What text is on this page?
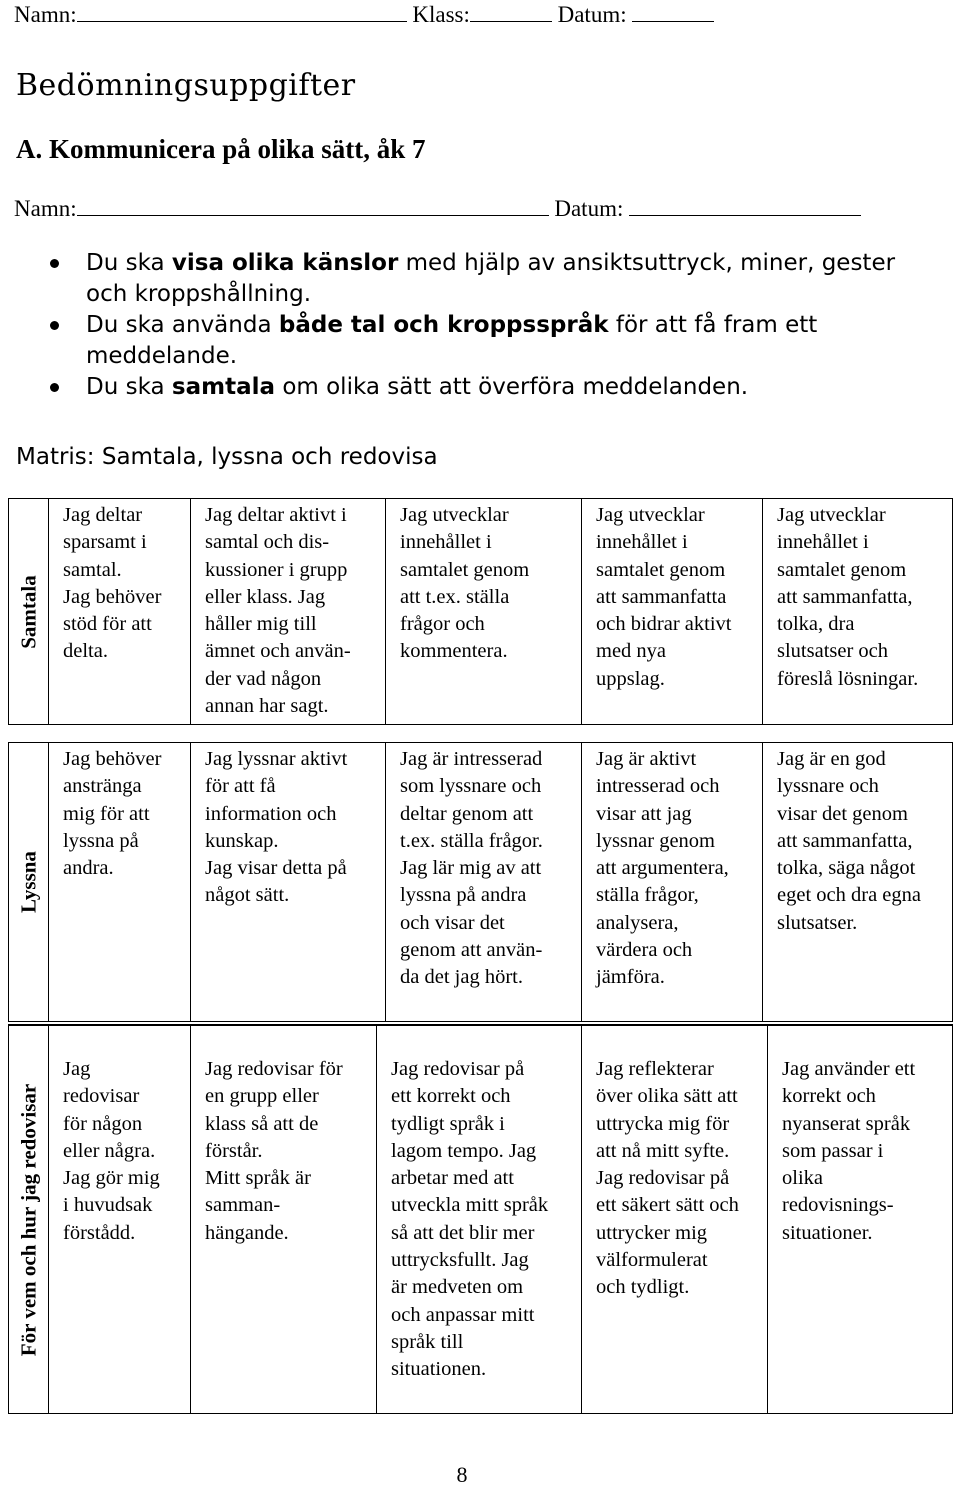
Namn:	Klass:	Datum:
Bedömningsuppgifter
A. Kommunicera på olika sätt, åk 7
Namn:	Datum:
Du ska visa olika känslor med hjälp av ansiktsuttryck, miner, gester och kroppshållning.
Du ska använda både tal och kroppsspråk för att få fram ett meddelande.
Du ska samtala om olika sätt att överföra meddelanden.
Matris: Samtala, lyssna och redovisa
Samtala

Jag deltar
sparsamt i
samtal.
Jag behöver
stöd för att
delta.

Jag deltar aktivt i
samtal och dis-
kussioner i grupp
eller klass. Jag
håller mig till
ämnet och använ-
der vad någon
annan har sagt.

Jag utvecklar
innehållet i
samtalet genom
att t.ex. ställa
frågor och
kommentera.

Jag utvecklar
innehållet i
samtalet genom
att sammanfatta
och bidrar aktivt
med nya
uppslag.

Jag utvecklar
innehållet i
samtalet genom
att sammanfatta,
tolka, dra
slutsatser och
föreslå lösningar.
Lyssna

Jag behöver
anstränga
mig för att
lyssna på
andra.

Jag lyssnar aktivt
för att få
information och
kunskap.
Jag visar detta på
något sätt.

Jag är intresserad
som lyssnare och
deltar genom att
t.ex. ställa frågor.
Jag lär mig av att
lyssna på andra
och visar det
genom att använ-
da det jag hört.

Jag är aktivt
intresserad och
visar att jag
lyssnar genom
att argumentera,
ställa frågor,
analysera,
värdera och
jämföra.

Jag är en god
lyssnare och
visar det genom
att sammanfatta,
tolka, säga något
eget och dra egna
slutsatser.
För vem och hur jag redovisar

Jag
redovisar
för någon
eller några.
Jag gör mig
i huvudsak
förstådd.

Jag redovisar för
en grupp eller
klass så att de
förstår.
Mitt språk är
samman-
hängande.

Jag redovisar på
ett korrekt och
tydligt språk i
lagom tempo. Jag
arbetar med att
utveckla mitt språk
så att det blir mer
uttrycksfullt. Jag
är medveten om
och anpassar mitt
språk till
situationen.

Jag reflekterar
över olika sätt att
uttrycka mig för
att nå mitt syfte.
Jag redovisar på
ett säkert sätt och
uttrycker mig
välformulerat
och tydligt.

Jag använder ett
korrekt och
nyanserat språk
som passar i
olika
redovisnings-
situationer.
8
